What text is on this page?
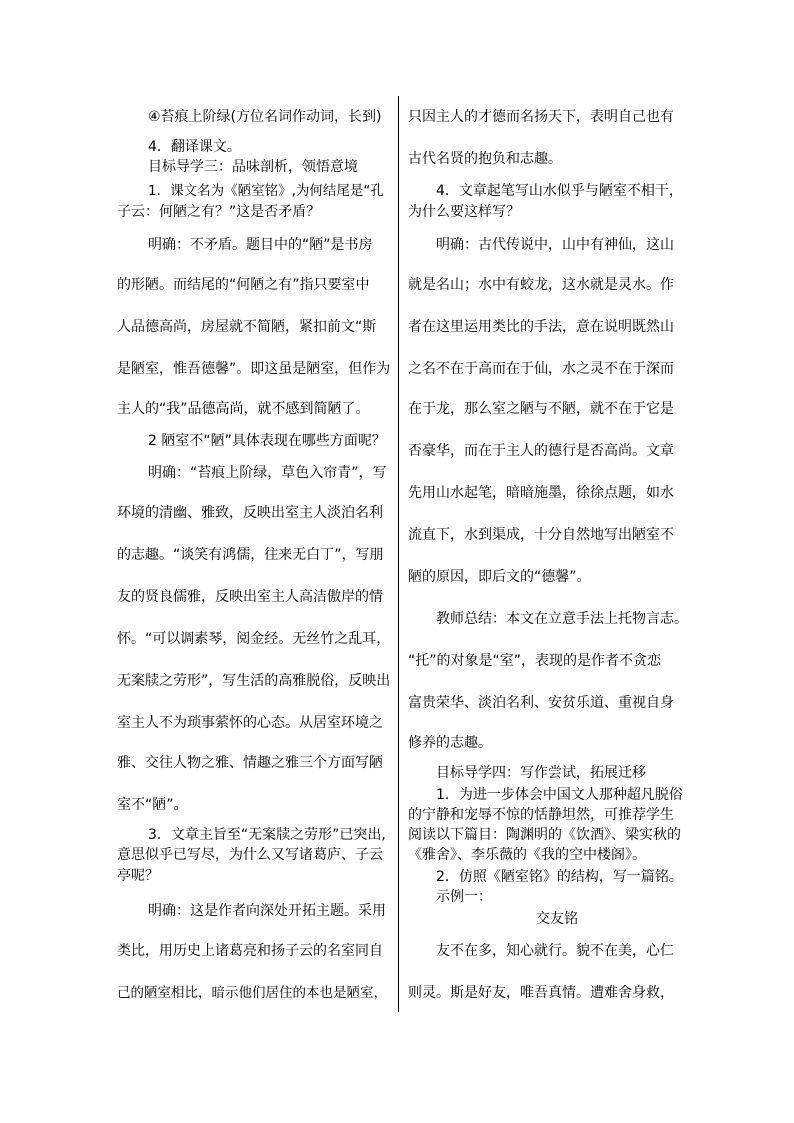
④苔痕上阶绿(方位名词作动词，长到)

4．翻译课文。

目标导学三：品味剖析，领悟意境

1．课文名为《陋室铭》,为何结尾是“孔

子云：何陋之有？”这是否矛盾？

明确：不矛盾。题目中的“陋”是书房

的形陋。而结尾的“何陋之有”指只要室中

人品德高尚，房屋就不简陋，紧扣前文“斯

是陋室，惟吾德馨”。即这虽是陋室，但作为

主人的“我”品德高尚，就不感到简陋了。

2 陋室不“陋”具体表现在哪些方面呢？

明确：“苔痕上阶绿，草色入帘青”，写

环境的清幽、雅致，反映出室主人淡泊名利

的志趣。“谈笑有鸿儒，往来无白丁”，写朋

友的贤良儒雅，反映出室主人高洁傲岸的情

怀。“可以调素琴，阅金经。无丝竹之乱耳，

无案牍之劳形”，写生活的高雅脱俗，反映出

室主人不为琐事萦怀的心态。从居室环境之

雅、交往人物之雅、情趣之雅三个方面写陋

室不“陋”。

3．文章主旨至“无案牍之劳形”已突出,

意思似乎已写尽，为什么又写诸葛庐、子云

亭呢？

明确：这是作者向深处开拓主题。采用

类比，用历史上诸葛亮和扬子云的名室同自

己的陋室相比，暗示他们居住的本也是陋室，

只因主人的才德而名扬天下，表明自己也有

古代名贤的抱负和志趣。

4．文章起笔写山水似乎与陋室不相干，

为什么要这样写？

明确：古代传说中，山中有神仙，这山

就是名山；水中有蛟龙，这水就是灵水。作

者在这里运用类比的手法，意在说明既然山

之名不在于高而在于仙，水之灵不在于深而

在于龙，那么室之陋与不陋，就不在于它是

否豪华，而在于主人的德行是否高尚。文章

先用山水起笔，暗暗施墨，徐徐点题，如水

流直下，水到渠成，十分自然地写出陋室不

陋的原因，即后文的“德馨”。

教师总结：本文在立意手法上托物言志。

“托”的对象是“室”，表现的是作者不贪恋

富贵荣华、淡泊名利、安贫乐道、重视自身

修养的志趣。

目标导学四：写作尝试，拓展迁移

1．为进一步体会中国文人那种超凡脱俗

的宁静和宠辱不惊的恬静坦然，可推荐学生

阅读以下篇目：陶渊明的《饮酒》、梁实秋的

《雅舍》、李乐薇的《我的空中楼阁》。

2．仿照《陋室铭》的结构，写一篇铭。

示例一：

交友铭

友不在多，知心就行。貌不在美，心仁

则灵。斯是好友，唯吾真情。遭难舍身救，
